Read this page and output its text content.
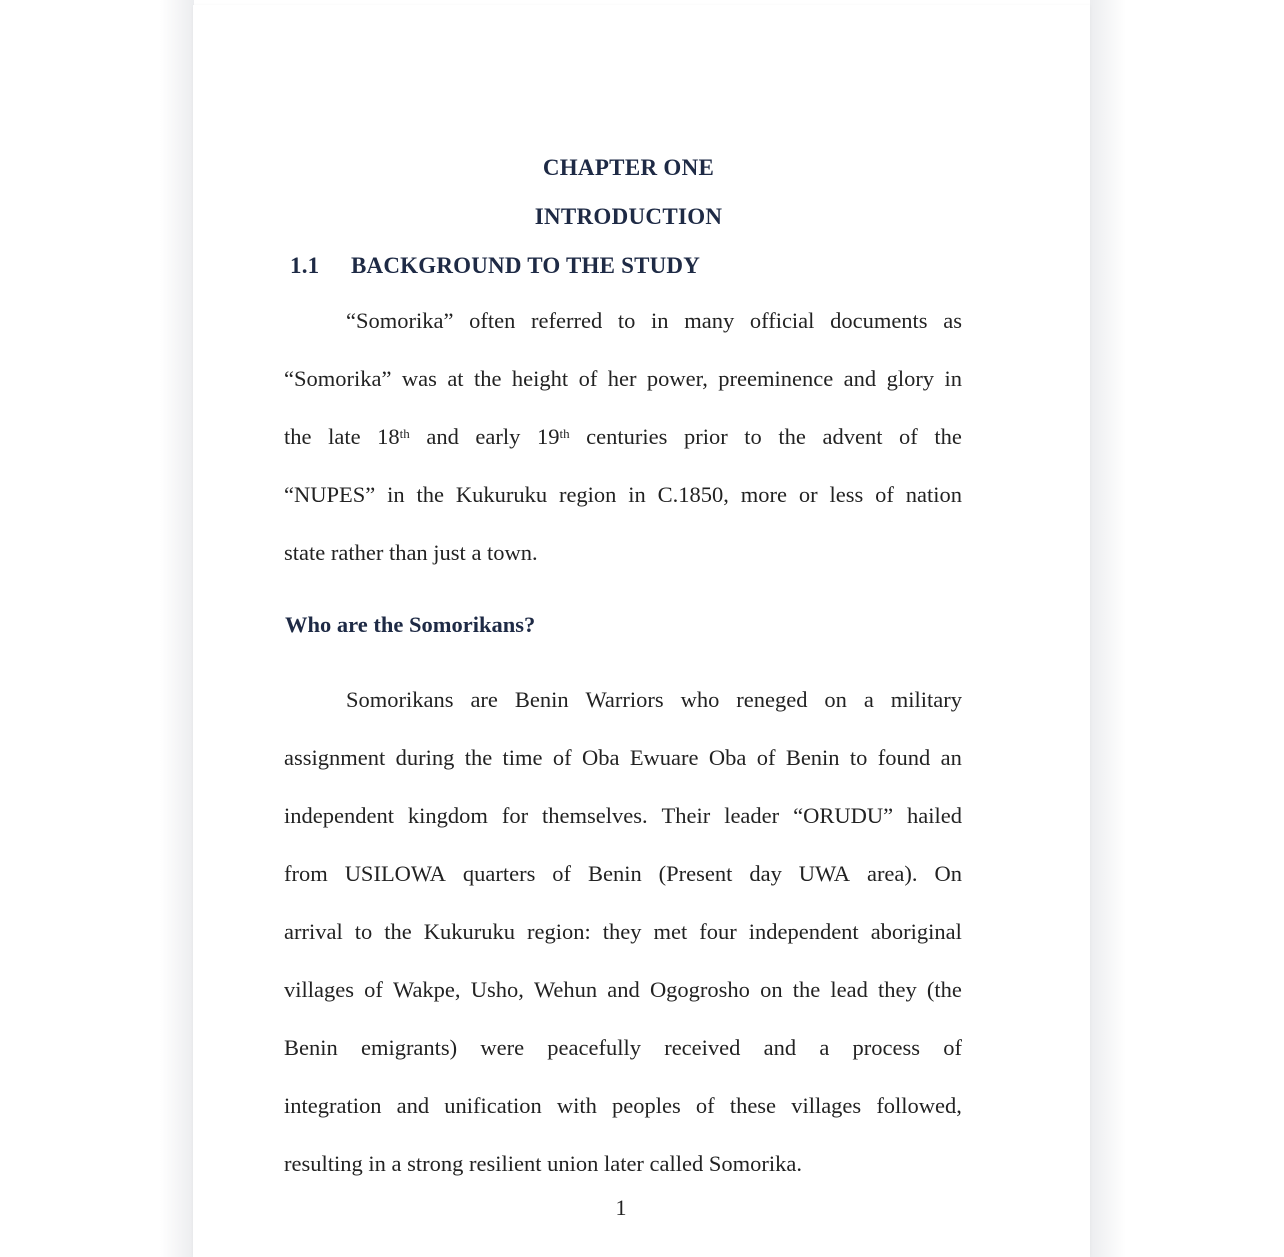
CHAPTER ONE
INTRODUCTION
1.1 BACKGROUND TO THE STUDY
“Somorika” often referred to in many official documents as
“Somorika” was at the height of her power, preeminence and glory in
the late 18th and early 19th centuries prior to the advent of the
“NUPES” in the Kukuruku region in C.1850, more or less of nation
state rather than just a town.
Who are the Somorikans?
Somorikans are Benin Warriors who reneged on a military
assignment during the time of Oba Ewuare Oba of Benin to found an
independent kingdom for themselves. Their leader “ORUDU” hailed
from USILOWA quarters of Benin (Present day UWA area). On
arrival to the Kukuruku region: they met four independent aboriginal
villages of Wakpe, Usho, Wehun and Ogogrosho on the lead they (the
Benin emigrants) were peacefully received and a process of
integration and unification with peoples of these villages followed,
resulting in a strong resilient union later called Somorika.
1
